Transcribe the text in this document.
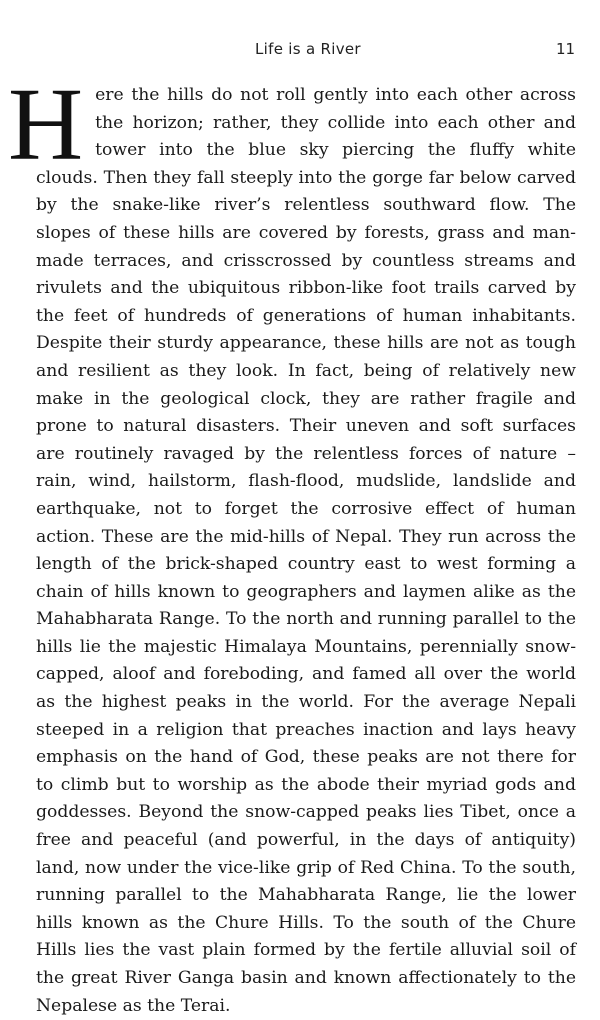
Life is a River	11

Here the hills do not roll gently into each other across the horizon; rather, they collide into each other and tower into the blue sky piercing the fluffy white clouds. Then they fall steeply into the gorge far below carved by the snake-like river’s relentless southward flow. The slopes of these hills are covered by forests, grass and man-made terraces, and crisscrossed by countless streams and rivulets and the ubiquitous ribbon-like foot trails carved by the feet of hundreds of generations of human inhabitants. Despite their sturdy appearance, these hills are not as tough and resilient as they look. In fact, being of relatively new make in the geological clock, they are rather fragile and prone to natural disasters. Their uneven and soft surfaces are routinely ravaged by the relentless forces of nature – rain, wind, hailstorm, flash-flood, mudslide, landslide and earthquake, not to forget the corrosive effect of human action. These are the mid-hills of Nepal. They run across the length of the brick-shaped country east to west forming a chain of hills known to geographers and laymen alike as the Mahabharata Range. To the north and running parallel to the hills lie the majestic Himalaya Mountains, perennially snow-capped, aloof and foreboding, and famed all over the world as the highest peaks in the world. For the average Nepali steeped in a religion that preaches inaction and lays heavy emphasis on the hand of God, these peaks are not there for to climb but to worship as the abode their myriad gods and goddesses. Beyond the snow-capped peaks lies Tibet, once a free and peaceful (and powerful, in the days of antiquity) land, now under the vice-like grip of Red China. To the south, running parallel to the Mahabharata Range, lie the lower hills known as the Chure Hills. To the south of the Chure Hills lies the vast plain formed by the fertile alluvial soil of the great River Ganga basin and known affectionately to the Nepalese as the Terai.
